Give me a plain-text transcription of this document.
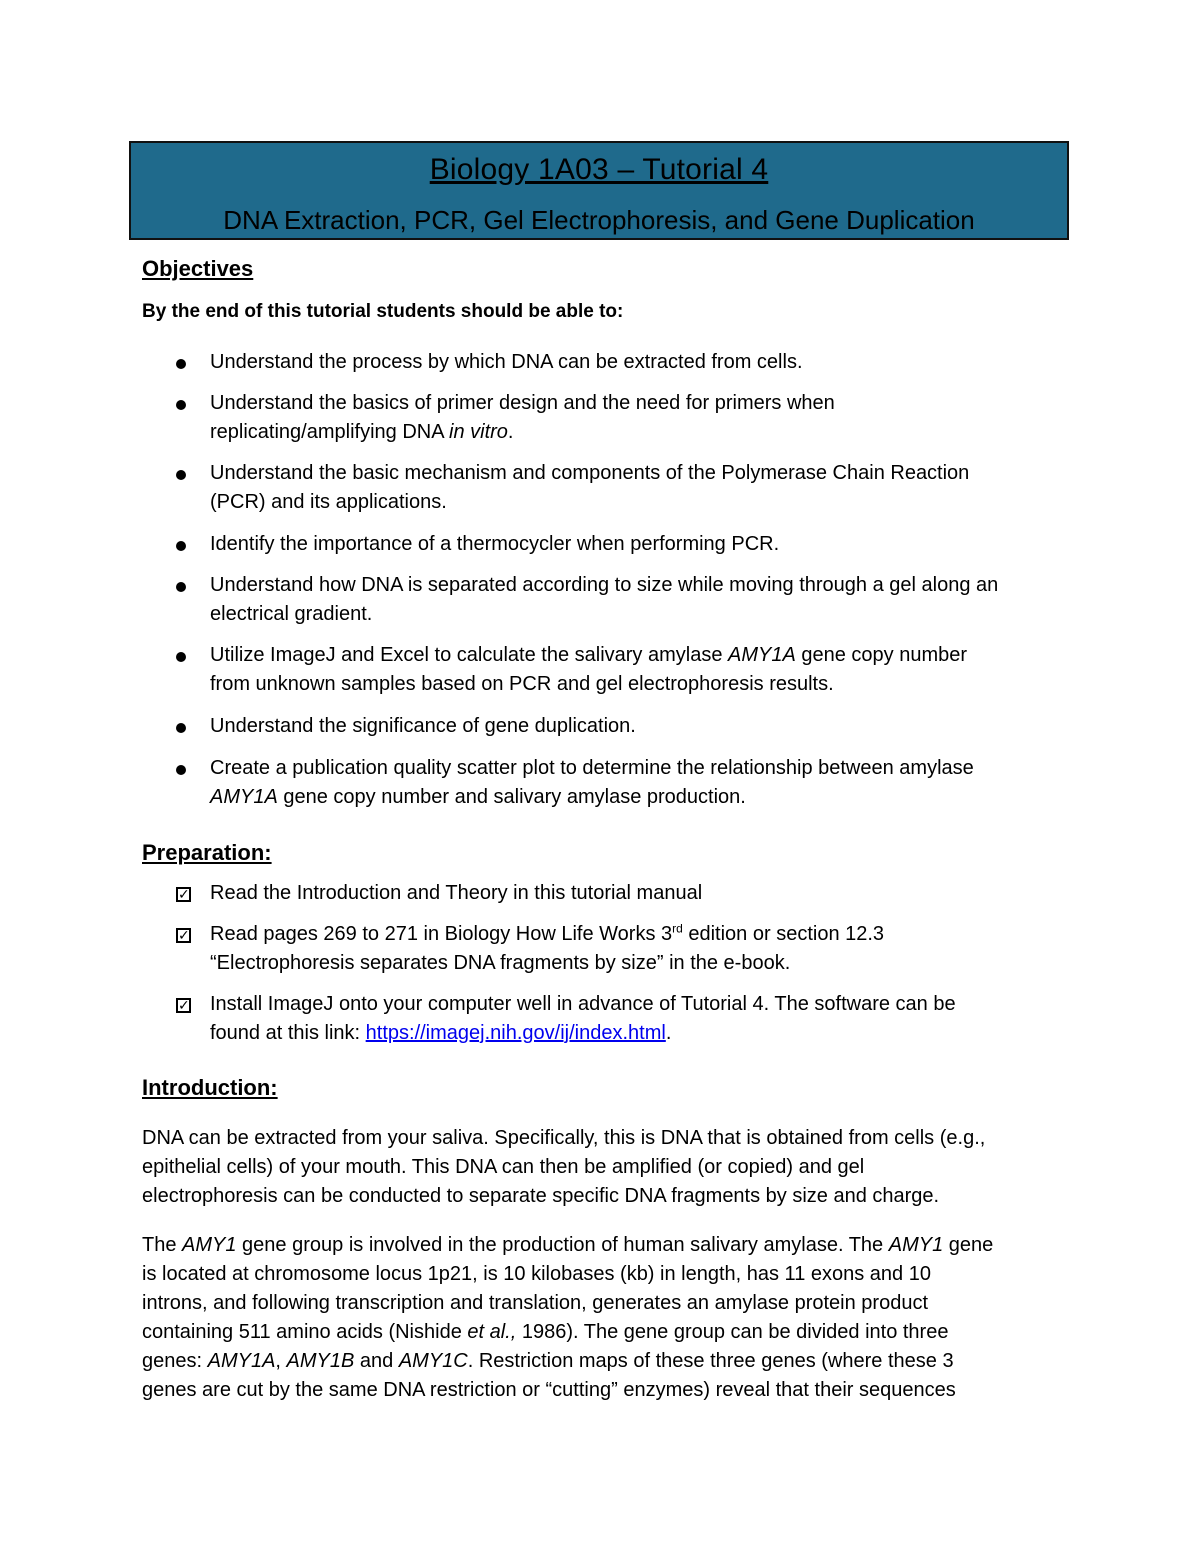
Biology 1A03 – Tutorial 4
DNA Extraction, PCR, Gel Electrophoresis, and Gene Duplication
Objectives
By the end of this tutorial students should be able to:
Understand the process by which DNA can be extracted from cells.
Understand the basics of primer design and the need for primers when
replicating/amplifying DNA in vitro.
Understand the basic mechanism and components of the Polymerase Chain Reaction
(PCR) and its applications.
Identify the importance of a thermocycler when performing PCR.
Understand how DNA is separated according to size while moving through a gel along an
electrical gradient.
Utilize ImageJ and Excel to calculate the salivary amylase AMY1A gene copy number
from unknown samples based on PCR and gel electrophoresis results.
Understand the significance of gene duplication.
Create a publication quality scatter plot to determine the relationship between amylase
AMY1A gene copy number and salivary amylase production.
Preparation:
✓ Read the Introduction and Theory in this tutorial manual
✓ Read pages 269 to 271 in Biology How Life Works 3rd edition or section 12.3
“Electrophoresis separates DNA fragments by size” in the e-book.
✓ Install ImageJ onto your computer well in advance of Tutorial 4. The software can be
found at this link: https://imagej.nih.gov/ij/index.html.
Introduction:
DNA can be extracted from your saliva. Specifically, this is DNA that is obtained from cells (e.g.,
epithelial cells) of your mouth. This DNA can then be amplified (or copied) and gel
electrophoresis can be conducted to separate specific DNA fragments by size and charge.
The AMY1 gene group is involved in the production of human salivary amylase. The AMY1 gene
is located at chromosome locus 1p21, is 10 kilobases (kb) in length, has 11 exons and 10
introns, and following transcription and translation, generates an amylase protein product
containing 511 amino acids (Nishide et al., 1986). The gene group can be divided into three
genes: AMY1A, AMY1B and AMY1C. Restriction maps of these three genes (where these 3
genes are cut by the same DNA restriction or “cutting” enzymes) reveal that their sequences
